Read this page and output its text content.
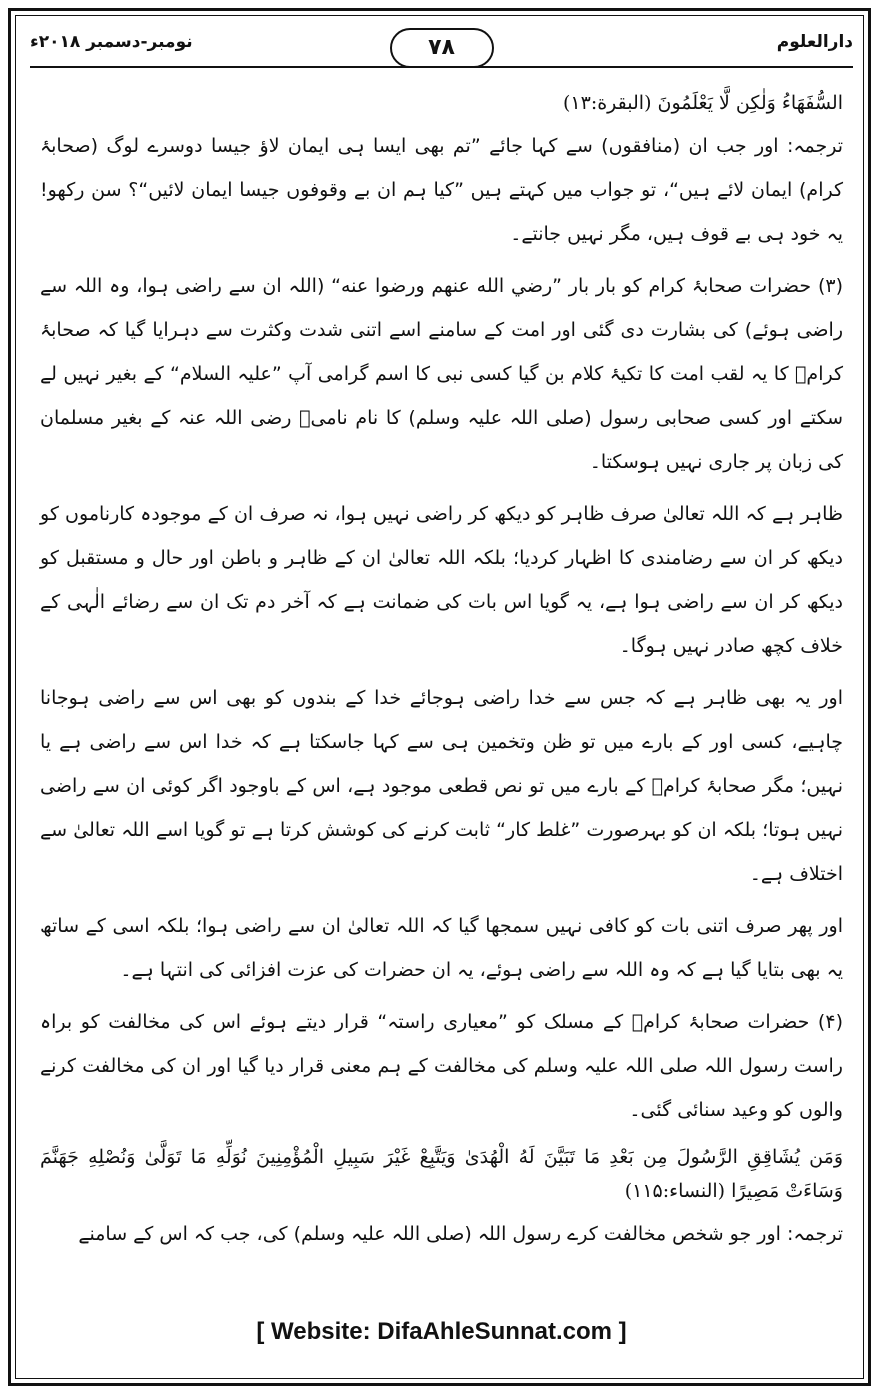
نومبر-دسمبر ۲۰۱۸ء	۷۸	دارالعلوم

السُّفَهَاءُ وَلٰكِن لَّا يَعْلَمُونَ (البقرة:۱۳)

ترجمہ: اور جب ان (منافقوں) سے کہا جائے ”تم بھی ایسا ہی ایمان لاؤ جیسا دوسرے لوگ (صحابۂ کرام) ایمان لائے ہیں“، تو جواب میں کہتے ہیں ”کیا ہم ان بے وقوفوں جیسا ایمان لائیں“؟ سن رکھو! یہ خود ہی بے قوف ہیں، مگر نہیں جانتے۔

(۳) حضرات صحابۂ کرام کو بار بار ”رضي الله عنهم ورضوا عنه“ (اللہ ان سے راضی ہوا، وہ اللہ سے راضی ہوئے) کی بشارت دی گئی اور امت کے سامنے اسے اتنی شدت وکثرت سے دہرایا گیا کہ صحابۂ کرامؓ کا یہ لقب امت کا تکیۂ کلام بن گیا کسی نبی کا اسم گرامی آپ ”علیہ السلام“ کے بغیر نہیں لے سکتے اور کسی صحابی رسول (صلی اللہ علیہ وسلم) کا نام نامیؓ رضی اللہ عنہ کے بغیر مسلمان کی زبان پر جاری نہیں ہوسکتا۔

ظاہر ہے کہ اللہ تعالیٰ صرف ظاہر کو دیکھ کر راضی نہیں ہوا، نہ صرف ان کے موجودہ کارناموں کو دیکھ کر ان سے رضامندی کا اظہار کردیا؛ بلکہ اللہ تعالیٰ ان کے ظاہر و باطن اور حال و مستقبل کو دیکھ کر ان سے راضی ہوا ہے، یہ گویا اس بات کی ضمانت ہے کہ آخر دم تک ان سے رضائے الٰہی کے خلاف کچھ صادر نہیں ہوگا۔

اور یہ بھی ظاہر ہے کہ جس سے خدا راضی ہوجائے خدا کے بندوں کو بھی اس سے راضی ہوجانا چاہیے، کسی اور کے بارے میں تو ظن وتخمین ہی سے کہا جاسکتا ہے کہ خدا اس سے راضی ہے یا نہیں؛ مگر صحابۂ کرامؓ کے بارے میں تو نص قطعی موجود ہے، اس کے باوجود اگر کوئی ان سے راضی نہیں ہوتا؛ بلکہ ان کو بہرصورت ”غلط کار“ ثابت کرنے کی کوشش کرتا ہے تو گویا اسے اللہ تعالیٰ سے اختلاف ہے۔

اور پھر صرف اتنی بات کو کافی نہیں سمجھا گیا کہ اللہ تعالیٰ ان سے راضی ہوا؛ بلکہ اسی کے ساتھ یہ بھی بتایا گیا ہے کہ وہ اللہ سے راضی ہوئے، یہ ان حضرات کی عزت افزائی کی انتہا ہے۔

(۴) حضرات صحابۂ کرامؓ کے مسلک کو ”معیاری راستہ“ قرار دیتے ہوئے اس کی مخالفت کو براہ راست رسول اللہ صلی اللہ علیہ وسلم کی مخالفت کے ہم معنی قرار دیا گیا اور ان کی مخالفت کرنے والوں کو وعید سنائی گئی۔

وَمَن يُشَاقِقِ الرَّسُولَ مِن بَعْدِ مَا تَبَيَّنَ لَهُ الْهُدَىٰ وَيَتَّبِعْ غَيْرَ سَبِيلِ الْمُؤْمِنِينَ نُوَلِّهِ مَا تَوَلَّىٰ وَنُصْلِهِ جَهَنَّمَ وَسَاءَتْ مَصِيرًا (النساء:۱۱۵)

ترجمہ: اور جو شخص مخالفت کرے رسول اللہ (صلی اللہ علیہ وسلم) کی، جب کہ اس کے سامنے

[ Website: DifaAhleSunnat.com ]
